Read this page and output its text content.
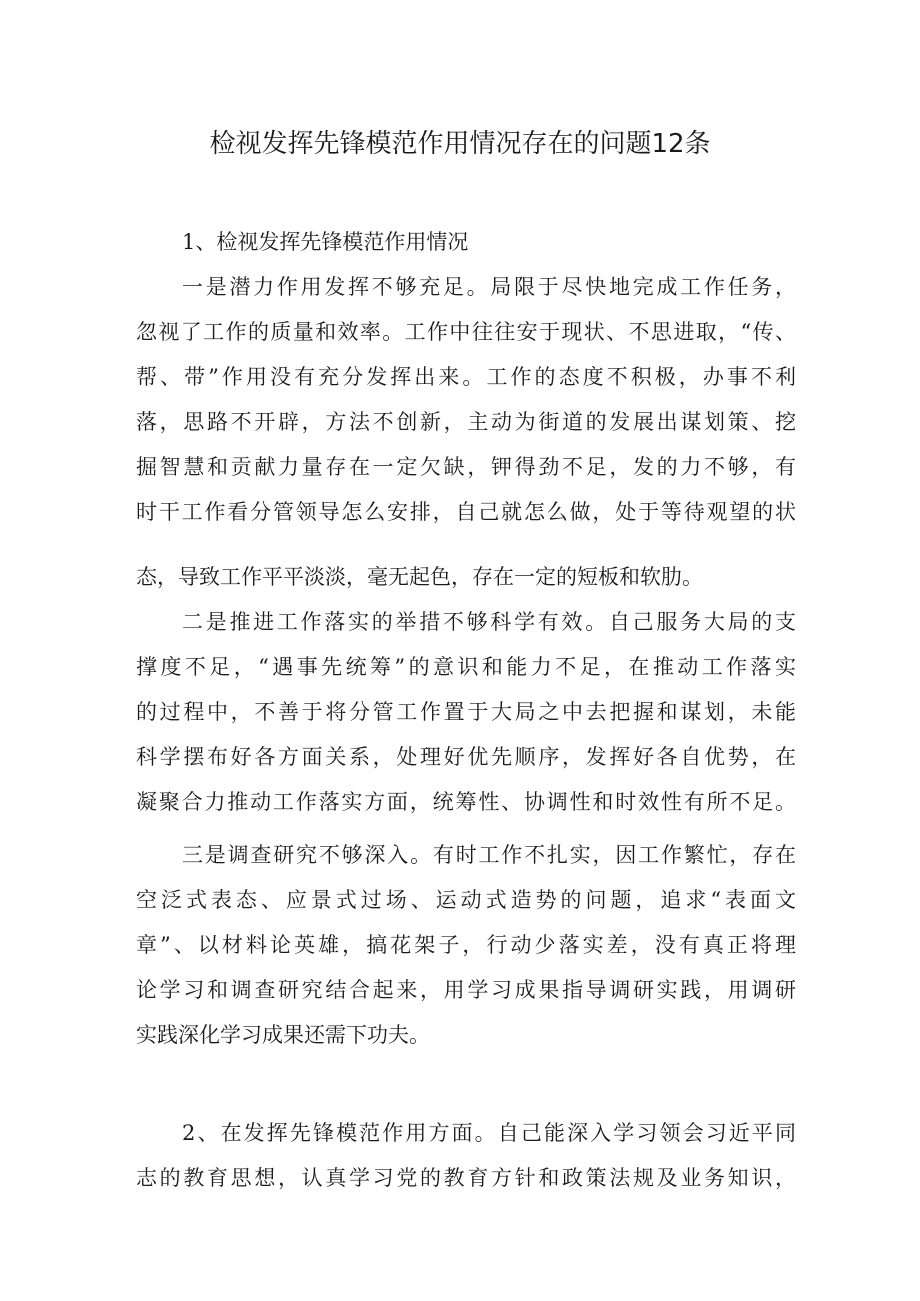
检视发挥先锋模范作用情况存在的问题12条
1、检视发挥先锋模范作用情况
一是潜力作用发挥不够充足。局限于尽快地完成工作任务，
忽视了工作的质量和效率。工作中往往安于现状、不思进取，“传、
帮、带”作用没有充分发挥出来。工作的态度不积极，办事不利
落，思路不开辟，方法不创新，主动为街道的发展出谋划策、挖
掘智慧和贡献力量存在一定欠缺，钾得劲不足，发的力不够，有
时干工作看分管领导怎么安排，自己就怎么做，处于等待观望的状
态，导致工作平平淡淡，毫无起色，存在一定的短板和软肋。
二是推进工作落实的举措不够科学有效。自己服务大局的支
撑度不足，“遇事先统筹”的意识和能力不足，在推动工作落实
的过程中，不善于将分管工作置于大局之中去把握和谋划，未能
科学摆布好各方面关系，处理好优先顺序，发挥好各自优势，在
凝聚合力推动工作落实方面，统筹性、协调性和时效性有所不足。
三是调查研究不够深入。有时工作不扎实，因工作繁忙，存在
空泛式表态、应景式过场、运动式造势的问题，追求“表面文
章”、以材料论英雄，搞花架子，行动少落实差，没有真正将理
论学习和调查研究结合起来，用学习成果指导调研实践，用调研
实践深化学习成果还需下功夫。
2、在发挥先锋模范作用方面。自己能深入学习领会习近平同
志的教育思想，认真学习党的教育方针和政策法规及业务知识，
